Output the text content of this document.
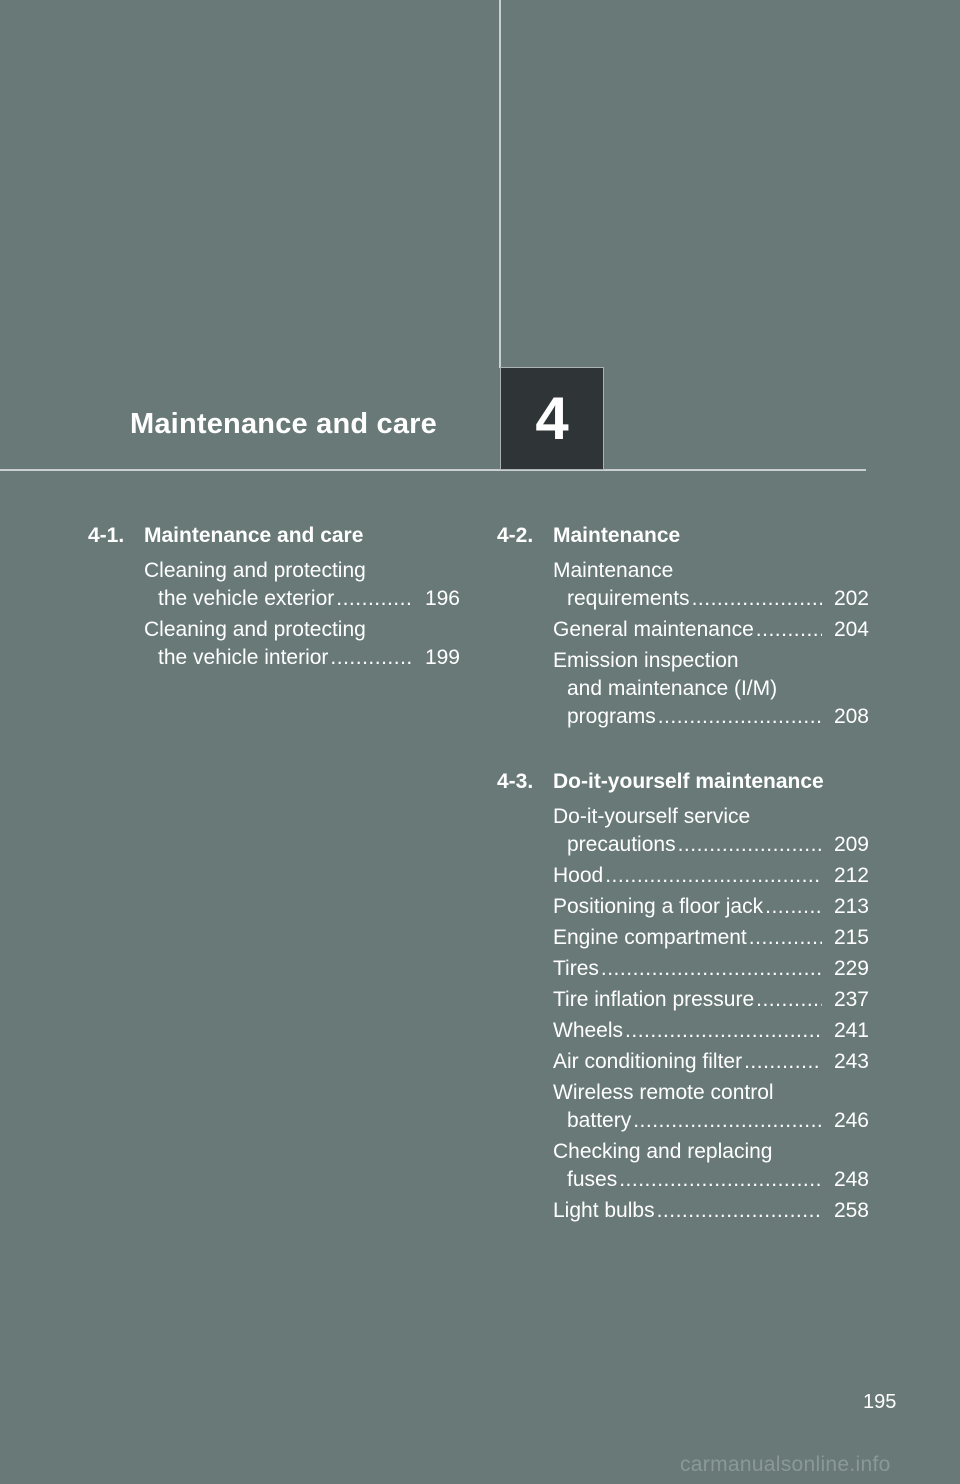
Maintenance and care 4
4-1. Maintenance and care
Cleaning and protecting
the vehicle exterior .....	196
Cleaning and protecting
the vehicle interior .....	199
4-2. Maintenance
Maintenance
requirements .....	202
General maintenance .....	204
Emission inspection
and maintenance (I/M)
programs .....	208
4-3. Do-it-yourself maintenance
Do-it-yourself service
precautions .....	209
Hood .....	212
Positioning a floor jack .....	213
Engine compartment .....	215
Tires .....	229
Tire inflation pressure .....	237
Wheels .....	241
Air conditioning filter .....	243
Wireless remote control
battery .....	246
Checking and replacing
fuses .....	248
Light bulbs .....	258
195
carmanualsonline.info
